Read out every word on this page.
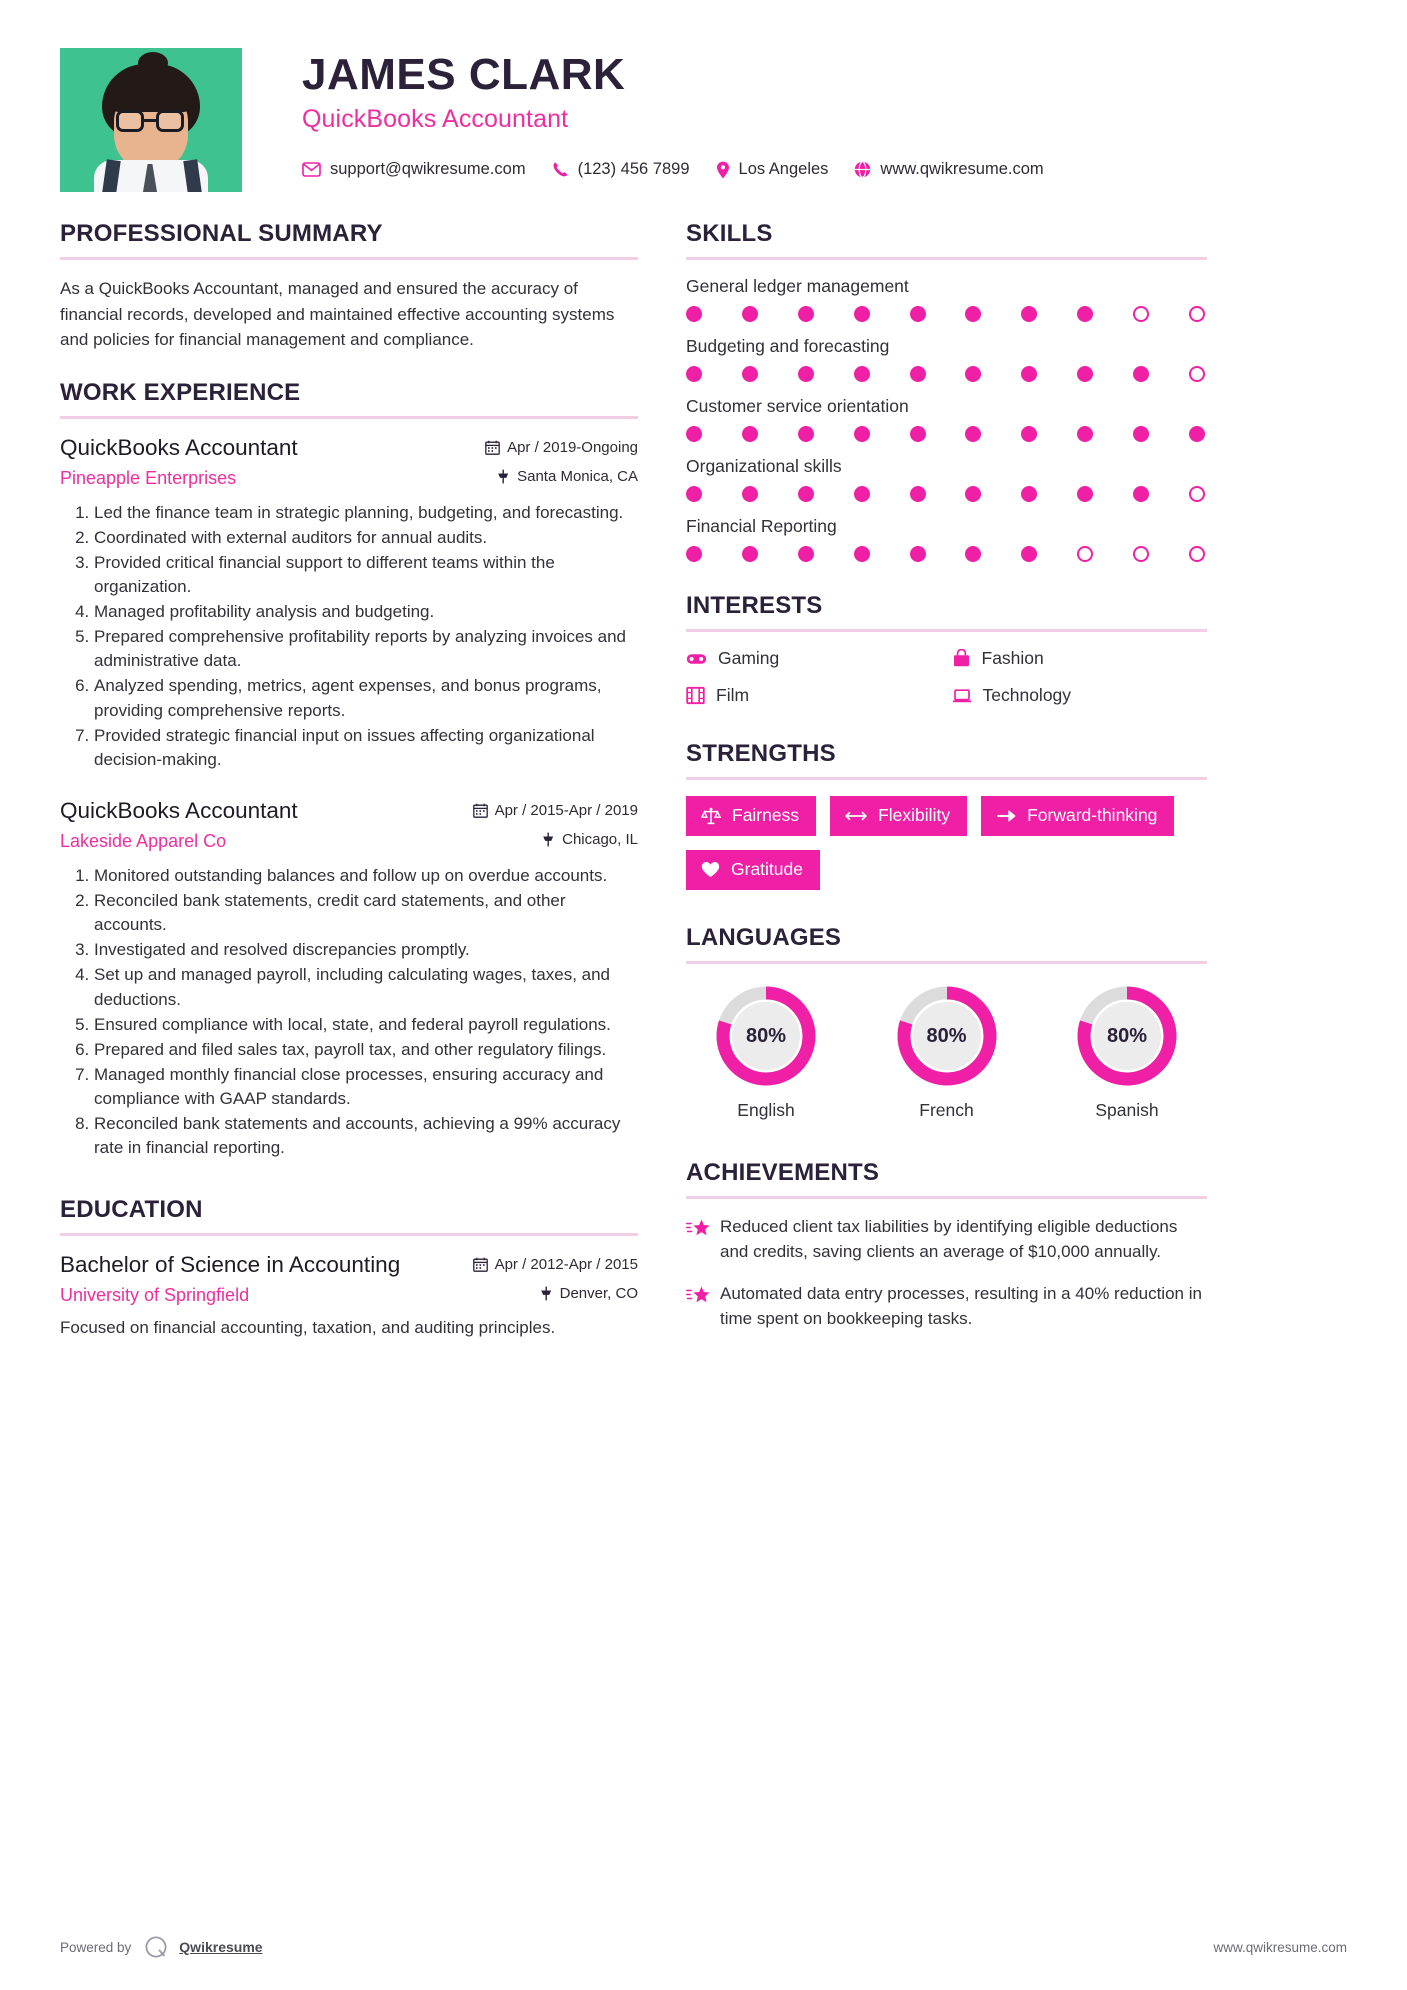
JAMES CLARK
QuickBooks Accountant
support@qwikresume.com	(123) 456 7899	Los Angeles	www.qwikresume.com
PROFESSIONAL SUMMARY
As a QuickBooks Accountant, managed and ensured the accuracy of financial records, developed and maintained effective accounting systems and policies for financial management and compliance.
WORK EXPERIENCE
QuickBooks Accountant	Apr / 2019-Ongoing
Pineapple Enterprises	Santa Monica, CA
1. Led the finance team in strategic planning, budgeting, and forecasting.
2. Coordinated with external auditors for annual audits.
3. Provided critical financial support to different teams within the organization.
4. Managed profitability analysis and budgeting.
5. Prepared comprehensive profitability reports by analyzing invoices and administrative data.
6. Analyzed spending, metrics, agent expenses, and bonus programs, providing comprehensive reports.
7. Provided strategic financial input on issues affecting organizational decision-making.
QuickBooks Accountant	Apr / 2015-Apr / 2019
Lakeside Apparel Co	Chicago, IL
1. Monitored outstanding balances and follow up on overdue accounts.
2. Reconciled bank statements, credit card statements, and other accounts.
3. Investigated and resolved discrepancies promptly.
4. Set up and managed payroll, including calculating wages, taxes, and deductions.
5. Ensured compliance with local, state, and federal payroll regulations.
6. Prepared and filed sales tax, payroll tax, and other regulatory filings.
7. Managed monthly financial close processes, ensuring accuracy and compliance with GAAP standards.
8. Reconciled bank statements and accounts, achieving a 99% accuracy rate in financial reporting.
EDUCATION
Bachelor of Science in Accounting	Apr / 2012-Apr / 2015
University of Springfield	Denver, CO
Focused on financial accounting, taxation, and auditing principles.
SKILLS
General ledger management
Budgeting and forecasting
Customer service orientation
Organizational skills
Financial Reporting
INTERESTS
Gaming	Fashion
Film	Technology
STRENGTHS
Fairness	Flexibility	Forward-thinking
Gratitude
LANGUAGES
80%
English
80%
French
80%
Spanish
ACHIEVEMENTS
Reduced client tax liabilities by identifying eligible deductions and credits, saving clients an average of $10,000 annually.
Automated data entry processes, resulting in a 40% reduction in time spent on bookkeeping tasks.
Powered by	Qwikresume	www.qwikresume.com
